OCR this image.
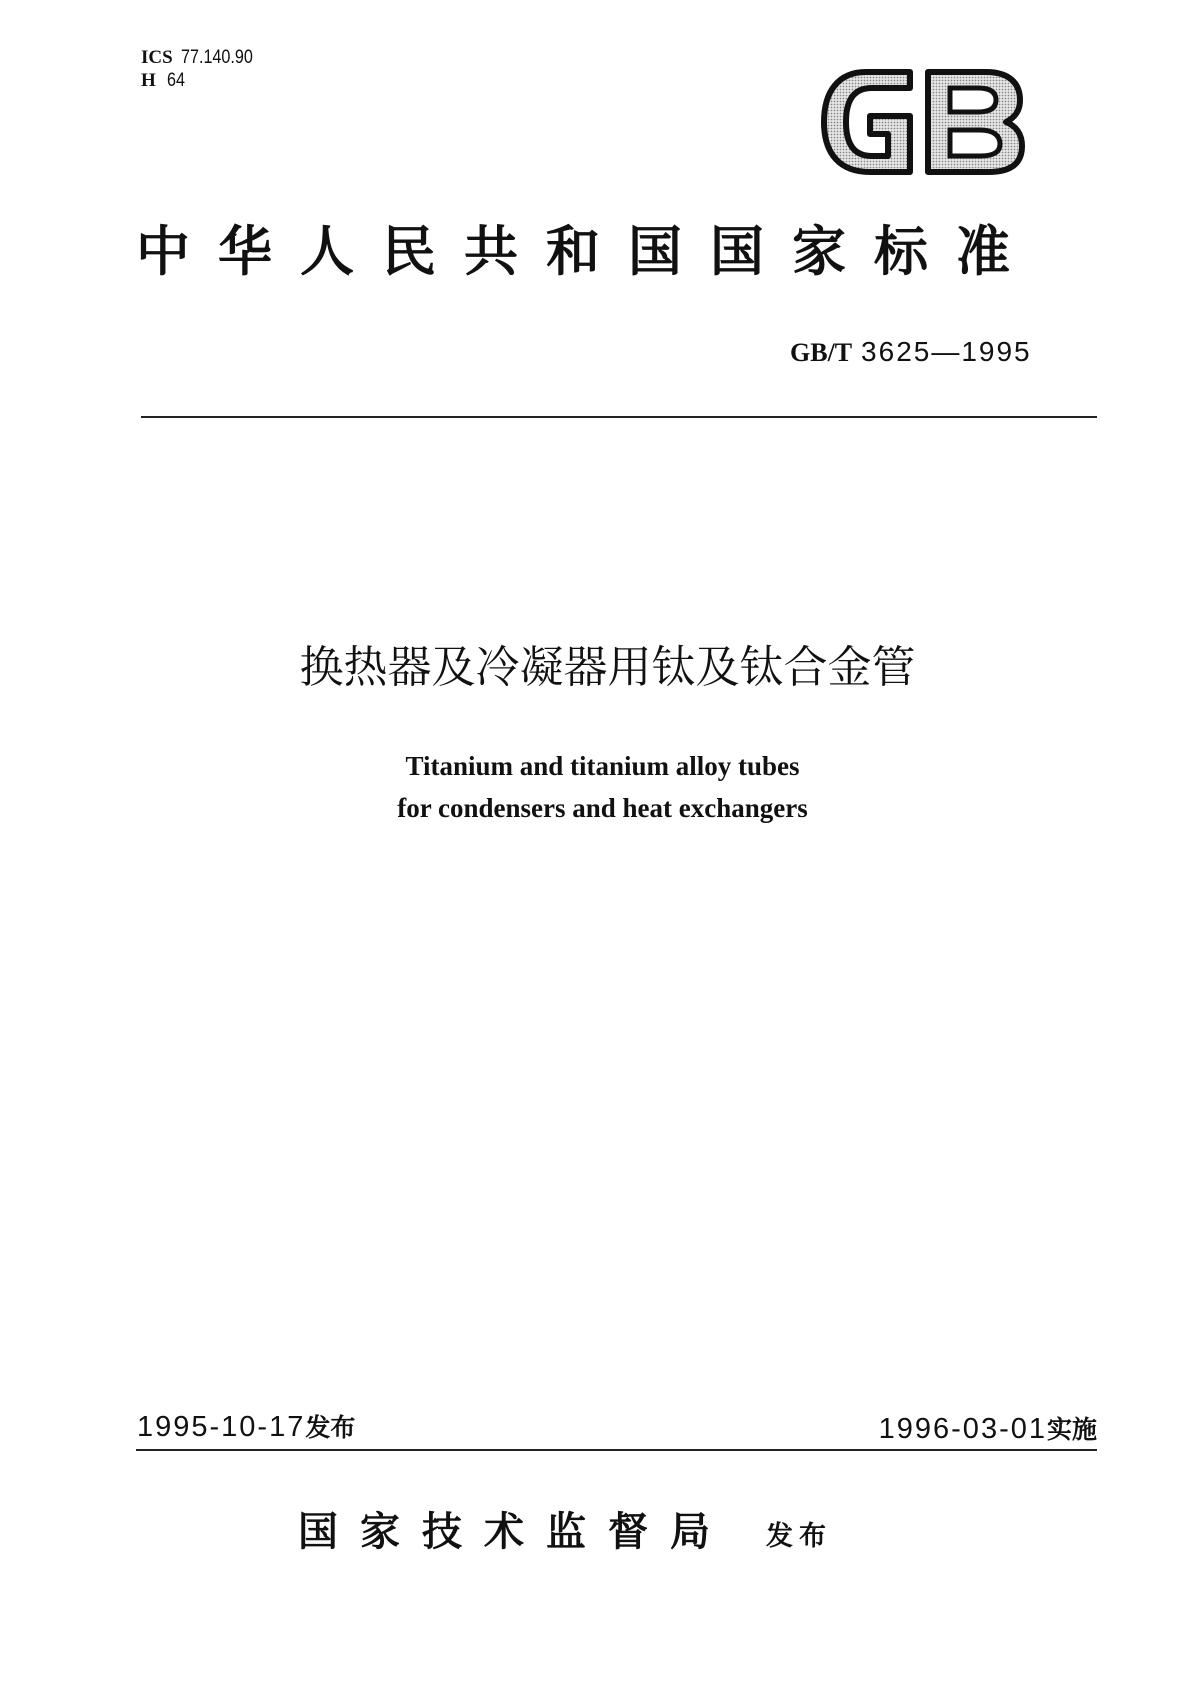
ICS 77.140.90
H 64
中华人民共和国国家标准
GB/T 3625—1995
换热器及冷凝器用钛及钛合金管
Titanium and titanium alloy tubes
for condensers and heat exchangers
1995-10-17发布	1996-03-01实施
国家技术监督局 发布
